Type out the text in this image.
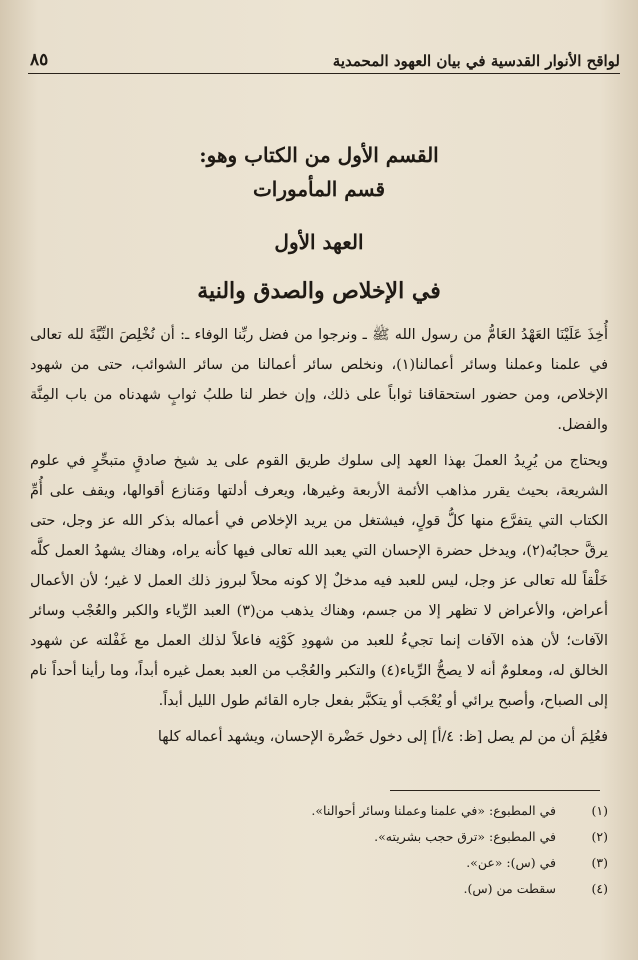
٨٥	لواقح الأنوار القدسية في بيان العهود المحمدية
القسم الأول من الكتاب وهو:
قسم المأمورات
العهد الأول
في الإخلاص والصدق والنية

أُخِذَ عَلَيْنَا العَهْدُ العَامُّ من رسول الله ﷺ ـ ونرجوا من فضل ربِّنا الوفاء ـ: أن نُخْلِصَ النِّيَّةَ لله تعالى في علمنا وعملنا وسائر أعمالنا(١)، ونخلص سائر أعمالنا من سائر الشوائب، حتى من شهود الإخلاص، ومن حضور استحقاقنا ثواباً على ذلك، وإن خطر لنا طلبُ ثوابٍ شهدناه من باب المِنَّة والفضل.

ويحتاج من يُرِيدُ العملَ بهذا العهد إلى سلوك طريق القوم على يد شيخ صادقٍ متبحِّرٍ في علوم الشريعة، بحيث يقرر مذاهب الأئمة الأربعة وغيرها، ويعرف أدلتها ومَنازع أقوالها، ويقف على أُمِّ الكتاب التي يتفرَّع منها كلُّ قولٍ، فيشتغل من يريد الإخلاص في أعماله بذكر الله عز وجل، حتى يرقَّ حجابُه(٢)، ويدخل حضرة الإحسان التي يعبد الله تعالى فيها كأنه يراه، وهناك يشهدُ العمل كلَّه خَلْقاً لله تعالى عز وجل، ليس للعبد فيه مدخلٌ إلا كونه محلاً لبروز ذلك العمل لا غير؛ لأن الأعمال أعراض، والأعراض لا تظهر إلا من جسم، وهناك يذهب من(٣) العبد الرِّياء والكبر والعُجْب وسائر الآفات؛ لأن هذه الآفات إنما تجيءُ للعبد من شهودِ كَوْنِه فاعلاً لذلك العمل مع غَفْلته عن شهود الخالق له، ومعلومٌ أنه لا يصحُّ الرِّياء(٤) والتكبر والعُجْب من العبد بعمل غيره أبداً، وما رأينا أحداً نام إلى الصباح، وأصبح يرائي أو يُعْجَب أو يتكبَّر بفعل جاره القائم طول الليل أبداً.

فعُلِمَ أن من لم يصل [ظ: ٤/أ] إلى دخول حَضْرة الإحسان، ويشهد أعماله كلها

(١) في المطبوع: «في علمنا وعملنا وسائر أحوالنا».
(٢) في المطبوع: «ترق حجب بشريته».
(٣) في (س): «عن».
(٤) سقطت من (س).
